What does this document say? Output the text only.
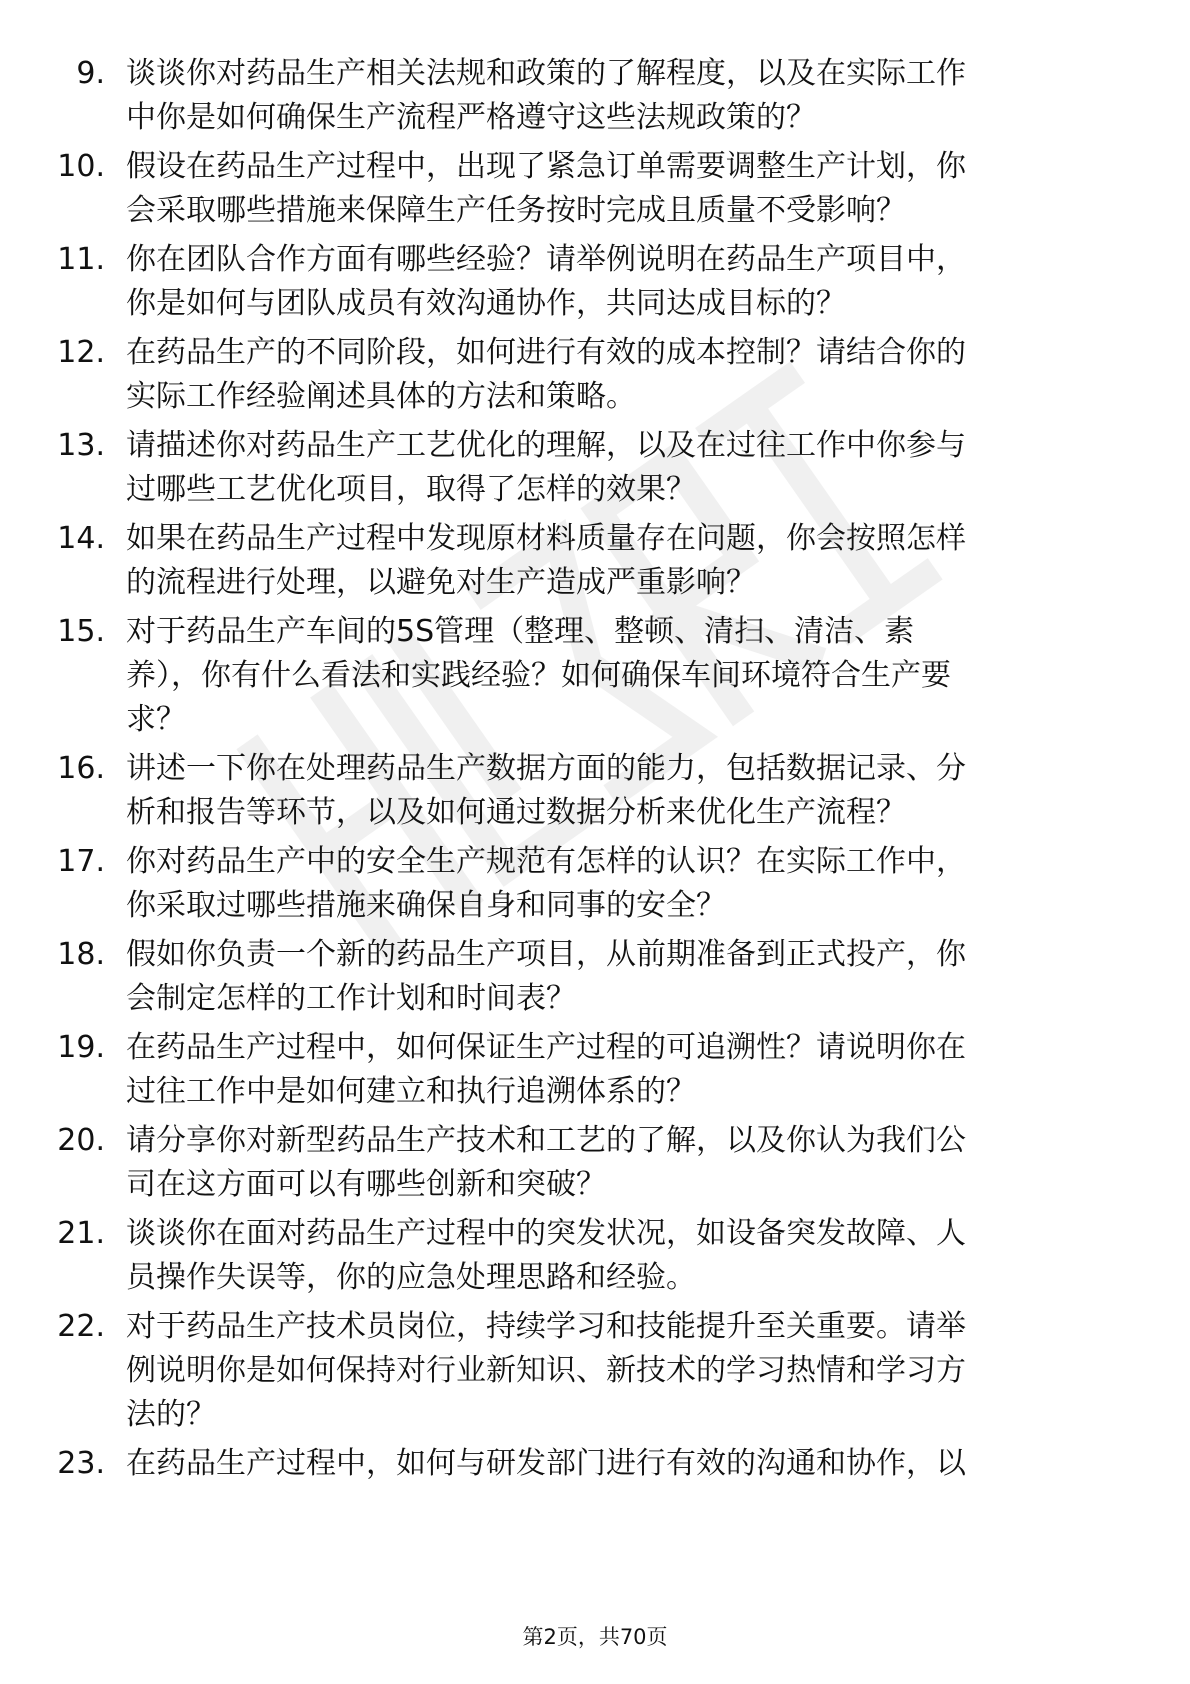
9. 谈谈你对药品生产相关法规和政策的了解程度，以及在实际工作
中你是如何确保生产流程严格遵守这些法规政策的？
10. 假设在药品生产过程中，出现了紧急订单需要调整生产计划，你
会采取哪些措施来保障生产任务按时完成且质量不受影响？
11. 你在团队合作方面有哪些经验？请举例说明在药品生产项目中，
你是如何与团队成员有效沟通协作，共同达成目标的？
12. 在药品生产的不同阶段，如何进行有效的成本控制？请结合你的
实际工作经验阐述具体的方法和策略。
13. 请描述你对药品生产工艺优化的理解，以及在过往工作中你参与
过哪些工艺优化项目，取得了怎样的效果？
14. 如果在药品生产过程中发现原材料质量存在问题，你会按照怎样
的流程进行处理，以避免对生产造成严重影响？
15. 对于药品生产车间的5S管理（整理、整顿、清扫、清洁、素
养），你有什么看法和实践经验？如何确保车间环境符合生产要
求？
16. 讲述一下你在处理药品生产数据方面的能力，包括数据记录、分
析和报告等环节，以及如何通过数据分析来优化生产流程？
17. 你对药品生产中的安全生产规范有怎样的认识？在实际工作中，
你采取过哪些措施来确保自身和同事的安全？
18. 假如你负责一个新的药品生产项目，从前期准备到正式投产，你
会制定怎样的工作计划和时间表？
19. 在药品生产过程中，如何保证生产过程的可追溯性？请说明你在
过往工作中是如何建立和执行追溯体系的？
20. 请分享你对新型药品生产技术和工艺的了解，以及你认为我们公
司在这方面可以有哪些创新和突破？
21. 谈谈你在面对药品生产过程中的突发状况，如设备突发故障、人
员操作失误等，你的应急处理思路和经验。
22. 对于药品生产技术员岗位，持续学习和技能提升至关重要。请举
例说明你是如何保持对行业新知识、新技术的学习热情和学习方
法的？
23. 在药品生产过程中，如何与研发部门进行有效的沟通和协作，以
第2页，共70页
